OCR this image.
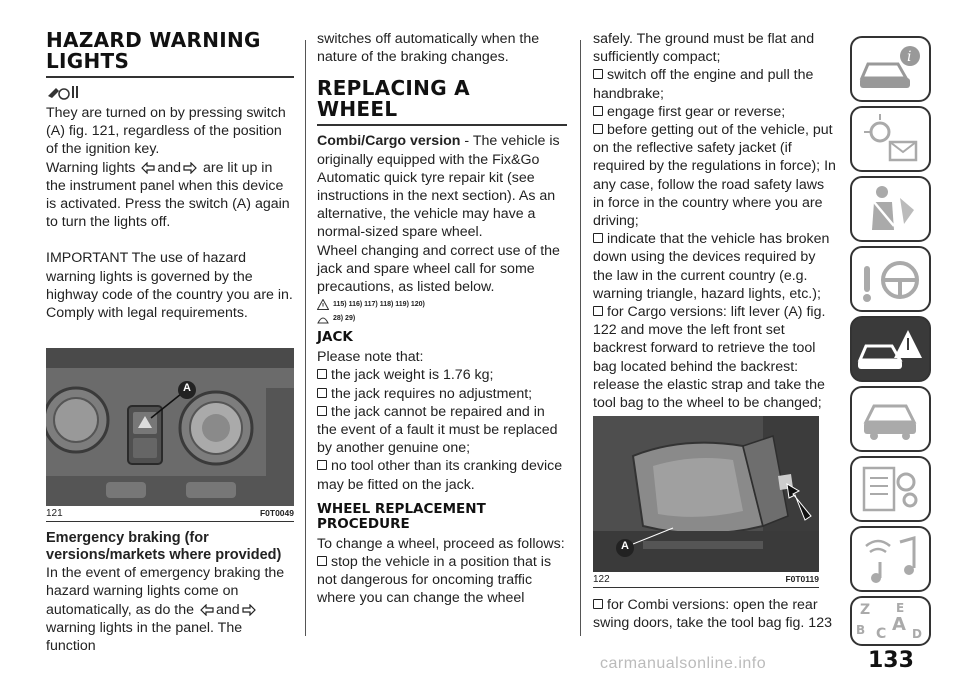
HAZARD WARNING
LIGHTS

They are turned on by pressing switch (A) fig. 121, regardless of the position of the ignition key.

Warning lights and are lit up in the instrument panel when this device is activated. Press the switch (A) again to turn the lights off.

IMPORTANT The use of hazard warning lights is governed by the highway code of the country you are in. Comply with legal requirements.

A
121	F0T0049
Emergency braking (for versions/markets where provided)

In the event of emergency braking the hazard warning lights come on automatically, as do the and warning lights in the panel. The function

switches off automatically when the nature of the braking changes.

REPLACING A
WHEEL

Combi/Cargo version - The vehicle is originally equipped with the Fix&Go Automatic quick tyre repair kit (see instructions in the next section). As an alternative, the vehicle may have a normal-sized spare wheel.

Wheel changing and correct use of the jack and spare wheel call for some precautions, as listed below.

115) 116) 117) 118) 119) 120)
28) 29)
JACK

Please note that:

the jack weight is 1.76 kg;

the jack requires no adjustment;

the jack cannot be repaired and in the event of a fault it must be replaced by another genuine one;

no tool other than its cranking device may be fitted on the jack.

WHEEL REPLACEMENT
PROCEDURE

To change a wheel, proceed as follows:

stop the vehicle in a position that is not dangerous for oncoming traffic where you can change the wheel

safely. The ground must be flat and sufficiently compact;

switch off the engine and pull the handbrake;

engage first gear or reverse;

before getting out of the vehicle, put on the reflective safety jacket (if required by the regulations in force); In any case, follow the road safety laws in force in the country where you are driving;

indicate that the vehicle has broken down using the devices required by the law in the current country (e.g. warning triangle, hazard lights, etc.);

for Cargo versions: lift lever (A) fig. 122 and move the left front set backrest forward to retrieve the tool bag located behind the backrest: release the elastic strap and take the tool bag to the wheel to be changed;

A
122	F0T0119

for Combi versions: open the rear swing doors, take the tool bag fig. 123

i
Z E
B C A D
133
carmanualsonline.info
